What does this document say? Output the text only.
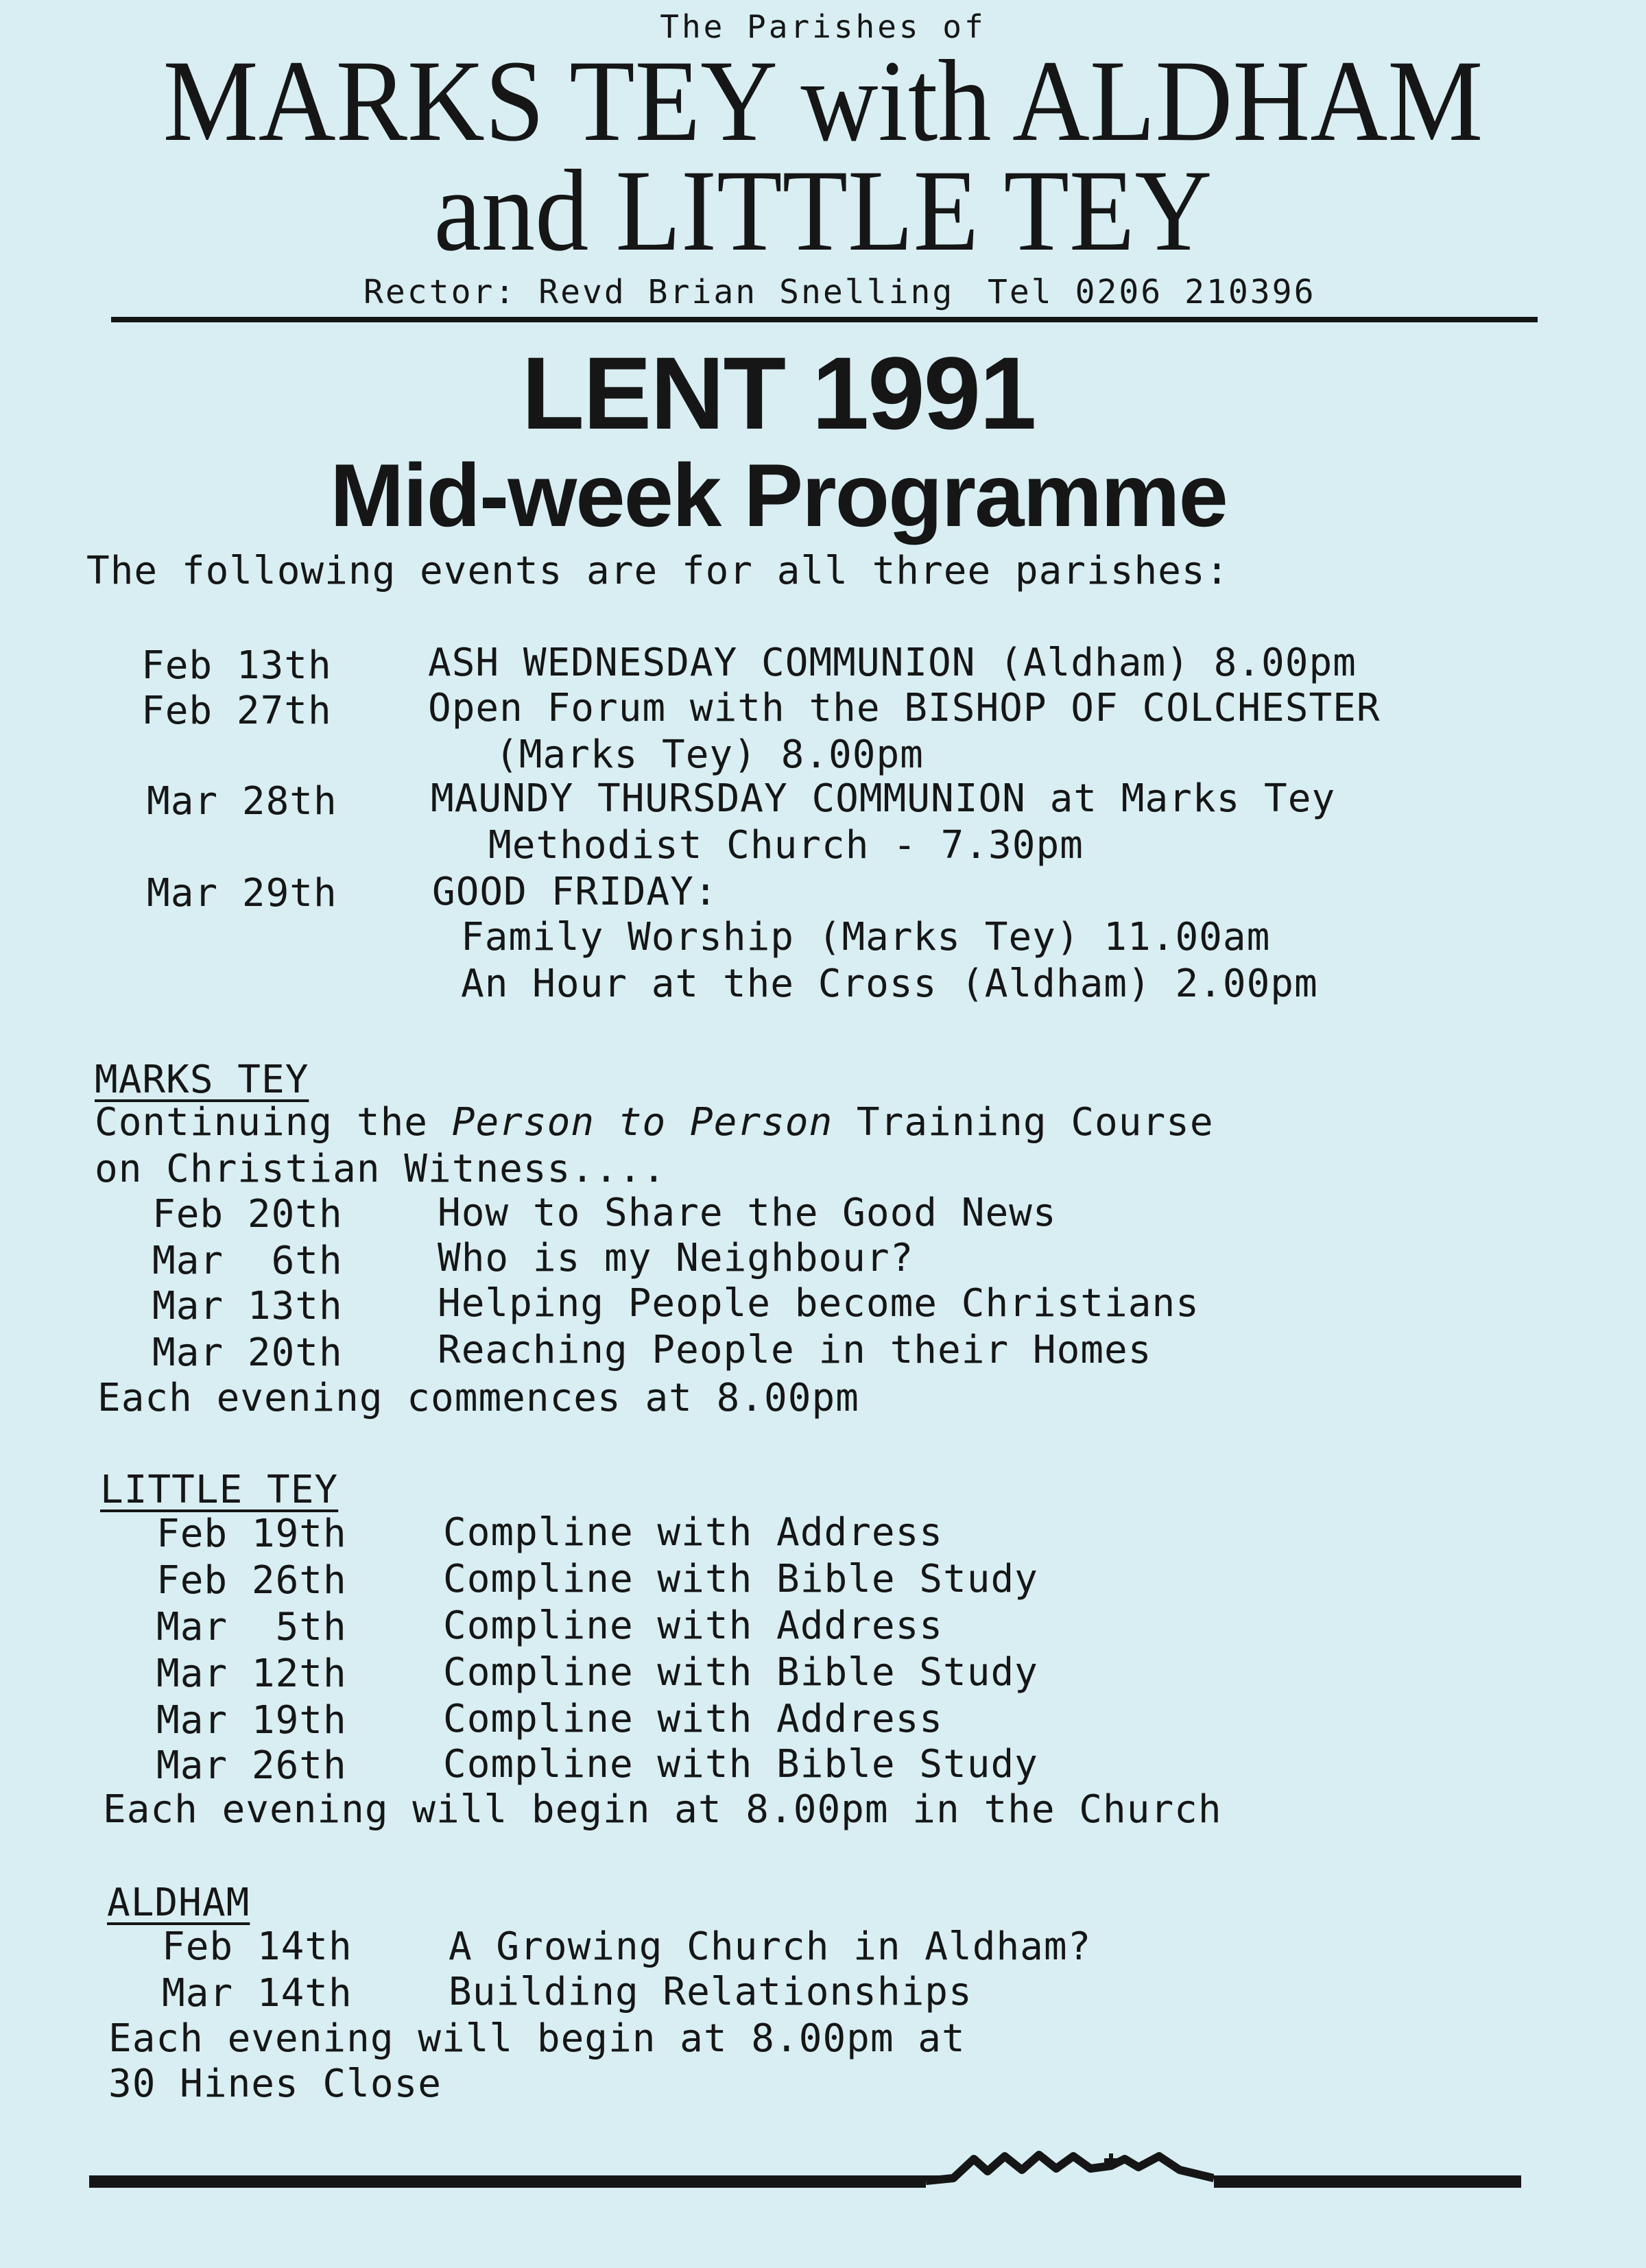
The Parishes of
MARKS TEY with ALDHAM
and LITTLE TEY
Rector: Revd Brian Snelling Tel 0206 210396
LENT 1991
Mid-week Programme
The following events are for all three parishes:
Feb 13th	ASH WEDNESDAY COMMUNION (Aldham) 8.00pm
Feb 27th	Open Forum with the BISHOP OF COLCHESTER
(Marks Tey) 8.00pm
Mar 28th MAUNDY THURSDAY COMMUNION at Marks Tey
Methodist Church - 7.30pm
Mar 29th GOOD FRIDAY:
Family Worship (Marks Tey) 11.00am
An Hour at the Cross (Aldham) 2.00pm
MARKS TEY
Continuing the Person to Person Training Course
on Christian Witness....
Feb 20th How to Share the Good News
Mar  6th Who is my Neighbour?
Mar 13th Helping People become Christians
Mar 20th Reaching People in their Homes
Each evening commences at 8.00pm
LITTLE TEY
Feb 19th	Compline with Address
Feb 26th	Compline with Bible Study
Mar  5th	Compline with Address
Mar 12th	Compline with Bible Study
Mar 19th	Compline with Address
Mar 26th	Compline with Bible Study
Each evening will begin at 8.00pm in the Church
ALDHAM
Feb 14th	A Growing Church in Aldham?
Mar 14th	Building Relationships
Each evening will begin at 8.00pm at
30 Hines Close
